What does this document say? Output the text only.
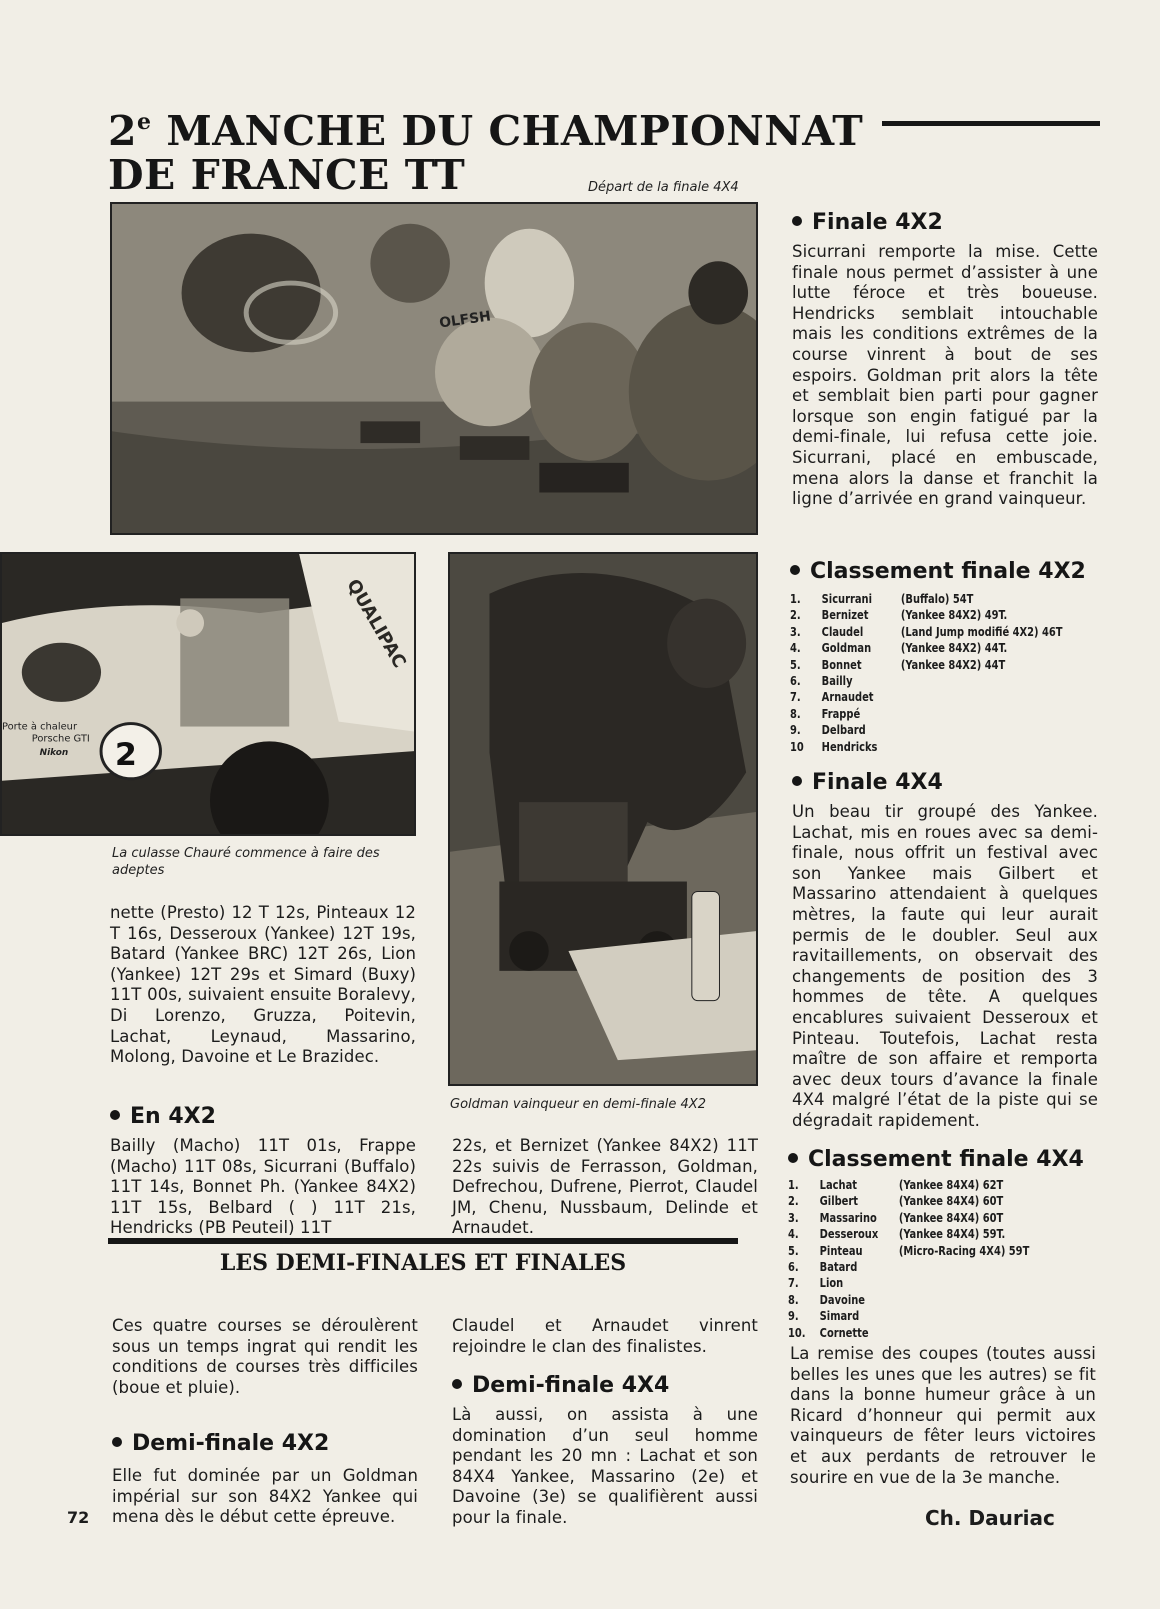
2e MANCHE DU CHAMPIONNAT
DE FRANCE TT	Départ de la finale 4X4
OLFSH
QUALIPAC
Porte à chaleur
Porsche GTI
Nikon 2
La culasse Chauré commence à faire des adeptes
Goldman vainqueur en demi-finale 4X2
nette (Presto) 12 T 12s, Pinteaux 12 T 16s, Desseroux (Yankee) 12T 19s, Batard (Yankee BRC) 12T 26s, Lion (Yankee) 12T 29s et Simard (Buxy) 11T 00s, suivaient ensuite Boralevy, Di Lorenzo, Gruzza, Poitevin, Lachat, Leynaud, Massarino, Molong, Davoine et Le Brazidec.
En 4X2
Bailly (Macho) 11T 01s, Frappe (Macho) 11T 08s, Sicurrani (Buffalo) 11T 14s, Bonnet Ph. (Yankee 84X2) 11T 15s, Belbard ( ) 11T 21s, Hendricks (PB Peuteil) 11T
22s, et Bernizet (Yankee 84X2) 11T 22s suivis de Ferrasson, Goldman, Defrechou, Dufrene, Pierrot, Claudel JM, Chenu, Nussbaum, Delinde et Arnaudet.
LES DEMI-FINALES ET FINALES
Ces quatre courses se déroulèrent sous un temps ingrat qui rendit les conditions de courses très difficiles (boue et pluie).
Demi-finale 4X2
Elle fut dominée par un Goldman impérial sur son 84X2 Yankee qui mena dès le début cette épreuve.
Claudel et Arnaudet vinrent rejoindre le clan des finalistes.
Demi-finale 4X4
Là aussi, on assista à une domination d’un seul homme pendant les 20 mn : Lachat et son 84X4 Yankee, Massarino (2e) et Davoine (3e) se qualifièrent aussi pour la finale.
Finale 4X2
Sicurrani remporte la mise. Cette finale nous permet d’assister à une lutte féroce et très boueuse. Hendricks semblait intouchable mais les conditions extrêmes de la course vinrent à bout de ses espoirs. Goldman prit alors la tête et semblait bien parti pour gagner lorsque son engin fatigué par la demi-finale, lui refusa cette joie. Sicurrani, placé en embuscade, mena alors la danse et franchit la ligne d’arrivée en grand vainqueur.
Classement finale 4X2
1.	Sicurrani	(Buffalo) 54T
2.	Bernizet	(Yankee 84X2) 49T.
3.	Claudel	(Land Jump modifié 4X2) 46T
4.	Goldman	(Yankee 84X2) 44T.
5.	Bonnet	(Yankee 84X2) 44T
6.	Bailly	
7.	Arnaudet	
8.	Frappé	
9.	Delbard	
10	Hendricks	
Finale 4X4
Un beau tir groupé des Yankee. Lachat, mis en roues avec sa demi-finale, nous offrit un festival avec son Yankee mais Gilbert et Massarino attendaient à quelques mètres, la faute qui leur aurait permis de le doubler. Seul aux ravitaillements, on observait des changements de position des 3 hommes de tête. A quelques encablures suivaient Desseroux et Pinteau. Toutefois, Lachat resta maître de son affaire et remporta avec deux tours d’avance la finale 4X4 malgré l’état de la piste qui se dégradait rapidement.
Classement finale 4X4
1.	Lachat	(Yankee 84X4) 62T
2.	Gilbert	(Yankee 84X4) 60T
3.	Massarino	(Yankee 84X4) 60T
4.	Desseroux	(Yankee 84X4) 59T.
5.	Pinteau	(Micro-Racing 4X4) 59T
6.	Batard	
7.	Lion	
8.	Davoine	
9.	Simard	
10.	Cornette	
La remise des coupes (toutes aussi belles les unes que les autres) se fit dans la bonne humeur grâce à un Ricard d’honneur qui permit aux vainqueurs de fêter leurs victoires et aux perdants de retrouver le sourire en vue de la 3e manche.
Ch. Dauriac
72
